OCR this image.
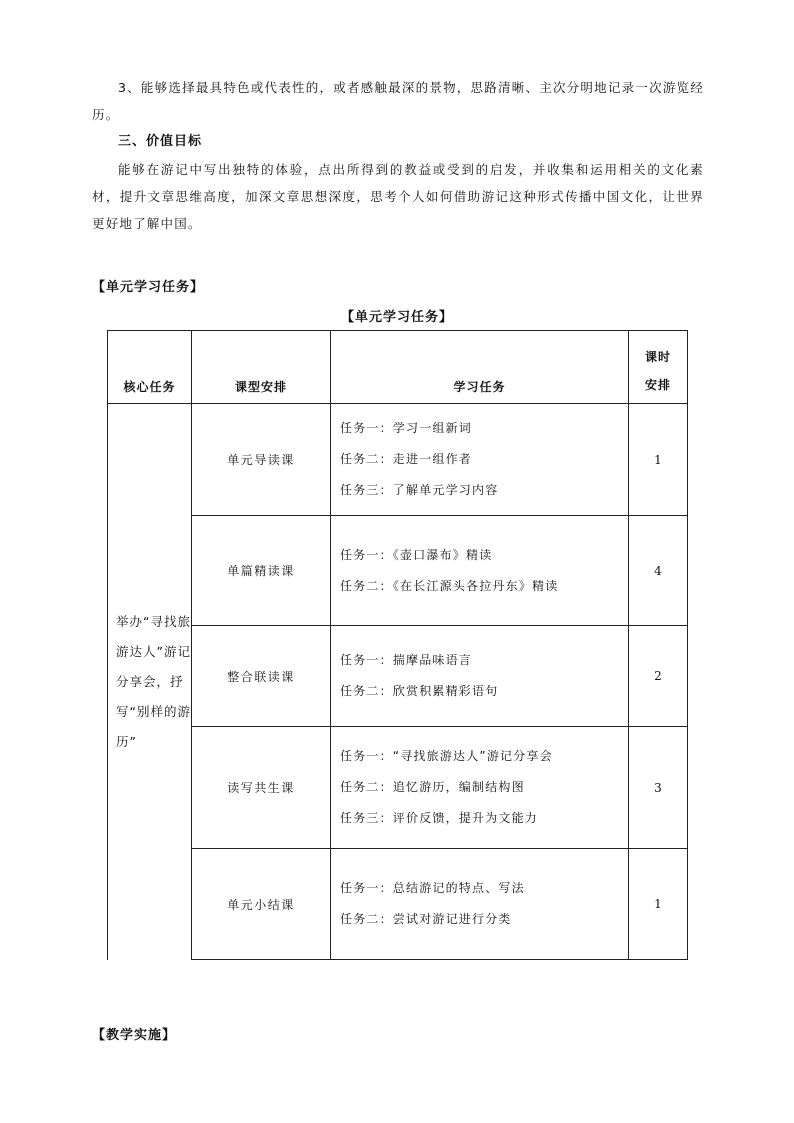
3、能够选择最具特色或代表性的，或者感触最深的景物，思路清晰、主次分明地记录一次游览经历。
三、价值目标
能够在游记中写出独特的体验，点出所得到的教益或受到的启发，并收集和运用相关的文化素材，提升文章思维高度，加深文章思想深度，思考个人如何借助游记这种形式传播中国文化，让世界更好地了解中国。
【单元学习任务】
【单元学习任务】
核心任务	课型安排	学习任务	课时
安排

举办“寻找旅游达人”游记分享会，抒写“别样的游历”	单元导读课	任务一：学习一组新词
任务二：走进一组作者
任务三：了解单元学习内容	1
	单篇精读课	任务一：《壶口瀑布》精读
任务二：《在长江源头各拉丹东》精读	4
	整合联读课	任务一：揣摩品味语言
任务二：欣赏积累精彩语句	2
	读写共生课	任务一：“寻找旅游达人”游记分享会
任务二：追忆游历，编制结构图
任务三：评价反馈，提升为文能力	3
	单元小结课	任务一：总结游记的特点、写法
任务二：尝试对游记进行分类	1
【教学实施】
